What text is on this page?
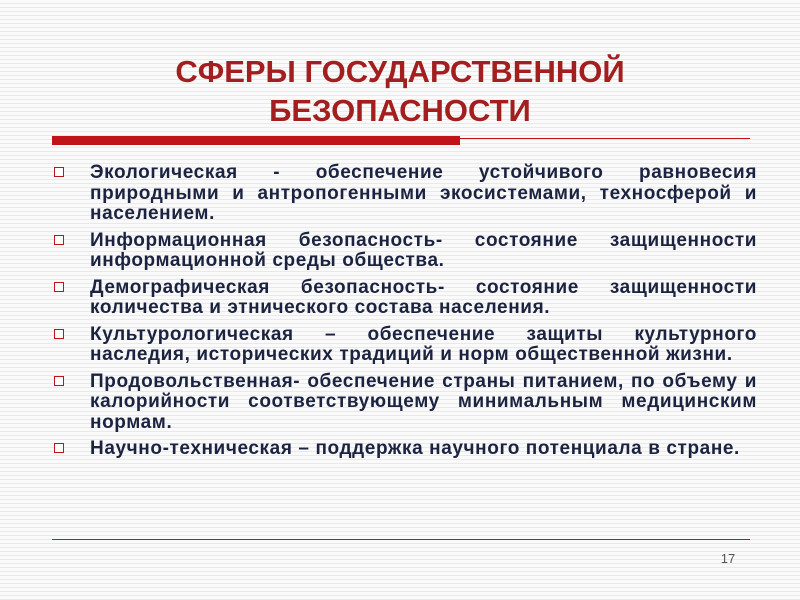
СФЕРЫ ГОСУДАРСТВЕННОЙ
БЕЗОПАСНОСТИ
Экологическая - обеспечение устойчивого равновесия природными и антропогенными экосистемами, техносферой и населением.
Информационная безопасность- состояние защищенности информационной среды общества.
Демографическая безопасность- состояние защищенности количества и этнического состава населения.
Культурологическая – обеспечение защиты культурного наследия, исторических традиций и норм общественной жизни.
Продовольственная- обеспечение страны питанием, по объему и калорийности соответствующему минимальным медицинским нормам.
Научно-техническая – поддержка научного потенциала в стране.
17
